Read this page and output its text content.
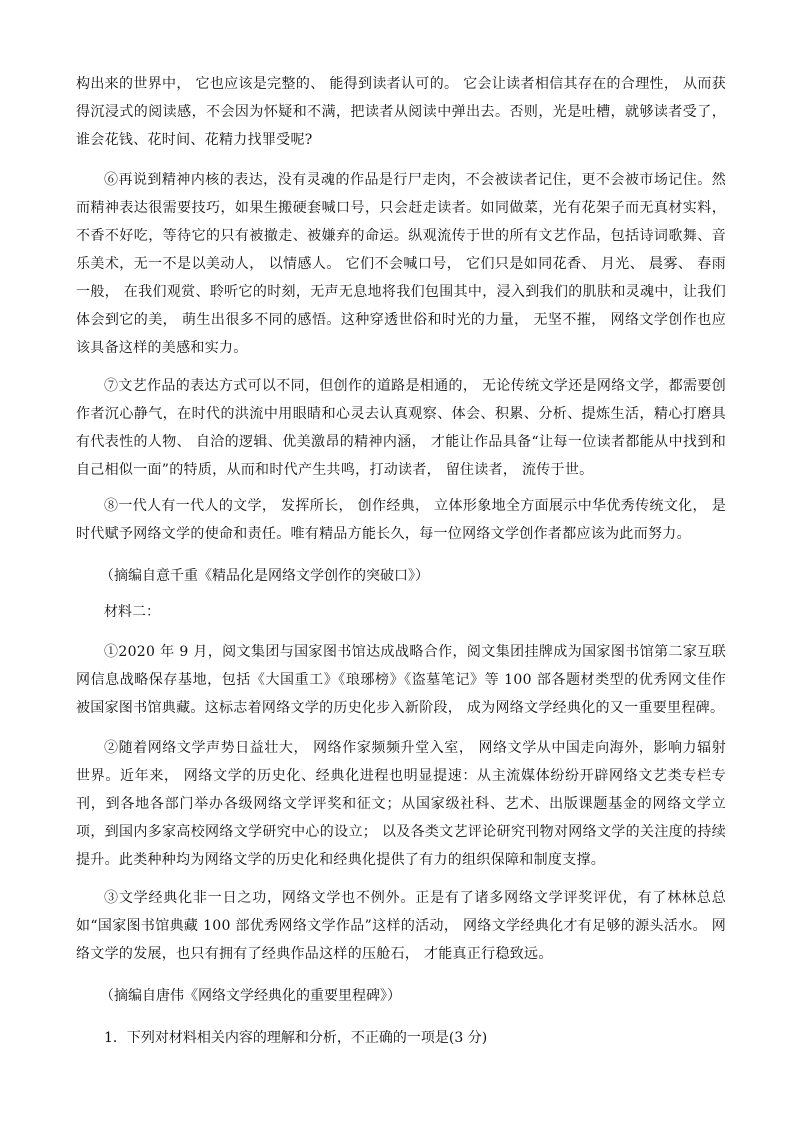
构出来的世界中， 它也应该是完整的、 能得到读者认可的。 它会让读者相信其存在的合理性， 从而获得沉浸式的阅读感，不会因为怀疑和不满，把读者从阅读中弹出去。否则，光是吐槽，就够读者受了，谁会花钱、花时间、花精力找罪受呢?

⑥再说到精神内核的表达，没有灵魂的作品是行尸走肉，不会被读者记住，更不会被市场记住。然而精神表达很需要技巧，如果生搬硬套喊口号，只会赶走读者。如同做菜，光有花架子而无真材实料，不香不好吃，等待它的只有被撤走、被嫌弃的命运。纵观流传于世的所有文艺作品，包括诗词歌舞、音乐美术，无一不是以美动人， 以情感人。 它们不会喊口号， 它们只是如同花香、 月光、 晨雾、 春雨一般， 在我们观赏、聆听它的时刻，无声无息地将我们包围其中，浸入到我们的肌肤和灵魂中，让我们体会到它的美， 萌生出很多不同的感悟。这种穿透世俗和时光的力量， 无坚不摧， 网络文学创作也应该具备这样的美感和实力。

⑦文艺作品的表达方式可以不同，但创作的道路是相通的， 无论传统文学还是网络文学，都需要创作者沉心静气，在时代的洪流中用眼睛和心灵去认真观察、体会、积累、分析、提炼生活，精心打磨具有代表性的人物、 自洽的逻辑、优美激昂的精神内涵， 才能让作品具备“让每一位读者都能从中找到和自己相似一面”的特质，从而和时代产生共鸣，打动读者， 留住读者， 流传于世。

⑧一代人有一代人的文学， 发挥所长， 创作经典， 立体形象地全方面展示中华优秀传统文化， 是时代赋予网络文学的使命和责任。唯有精品方能长久，每一位网络文学创作者都应该为此而努力。

（摘编自意千重《精品化是网络文学创作的突破口》）

材料二：

①2020 年 9 月，阅文集团与国家图书馆达成战略合作，阅文集团挂牌成为国家图书馆第二家互联网信息战略保存基地，包括《大国重工》《琅琊榜》《盗墓笔记》等 100 部各题材类型的优秀网文佳作被国家图书馆典藏。这标志着网络文学的历史化步入新阶段， 成为网络文学经典化的又一重要里程碑。

②随着网络文学声势日益壮大， 网络作家频频升堂入室， 网络文学从中国走向海外，影响力辐射世界。近年来， 网络文学的历史化、经典化进程也明显提速：从主流媒体纷纷开辟网络文艺类专栏专刊，到各地各部门举办各级网络文学评奖和征文；从国家级社科、艺术、出版课题基金的网络文学立项，到国内多家高校网络文学研究中心的设立； 以及各类文艺评论研究刊物对网络文学的关注度的持续提升。此类种种均为网络文学的历史化和经典化提供了有力的组织保障和制度支撑。

③文学经典化非一日之功，网络文学也不例外。正是有了诸多网络文学评奖评优，有了林林总总如“国家图书馆典藏 100 部优秀网络文学作品”这样的活动， 网络文学经典化才有足够的源头活水。 网络文学的发展，也只有拥有了经典作品这样的压舱石， 才能真正行稳致远。

（摘编自唐伟《网络文学经典化的重要里程碑》）

1．下列对材料相关内容的理解和分析，不正确的一项是(3 分)
